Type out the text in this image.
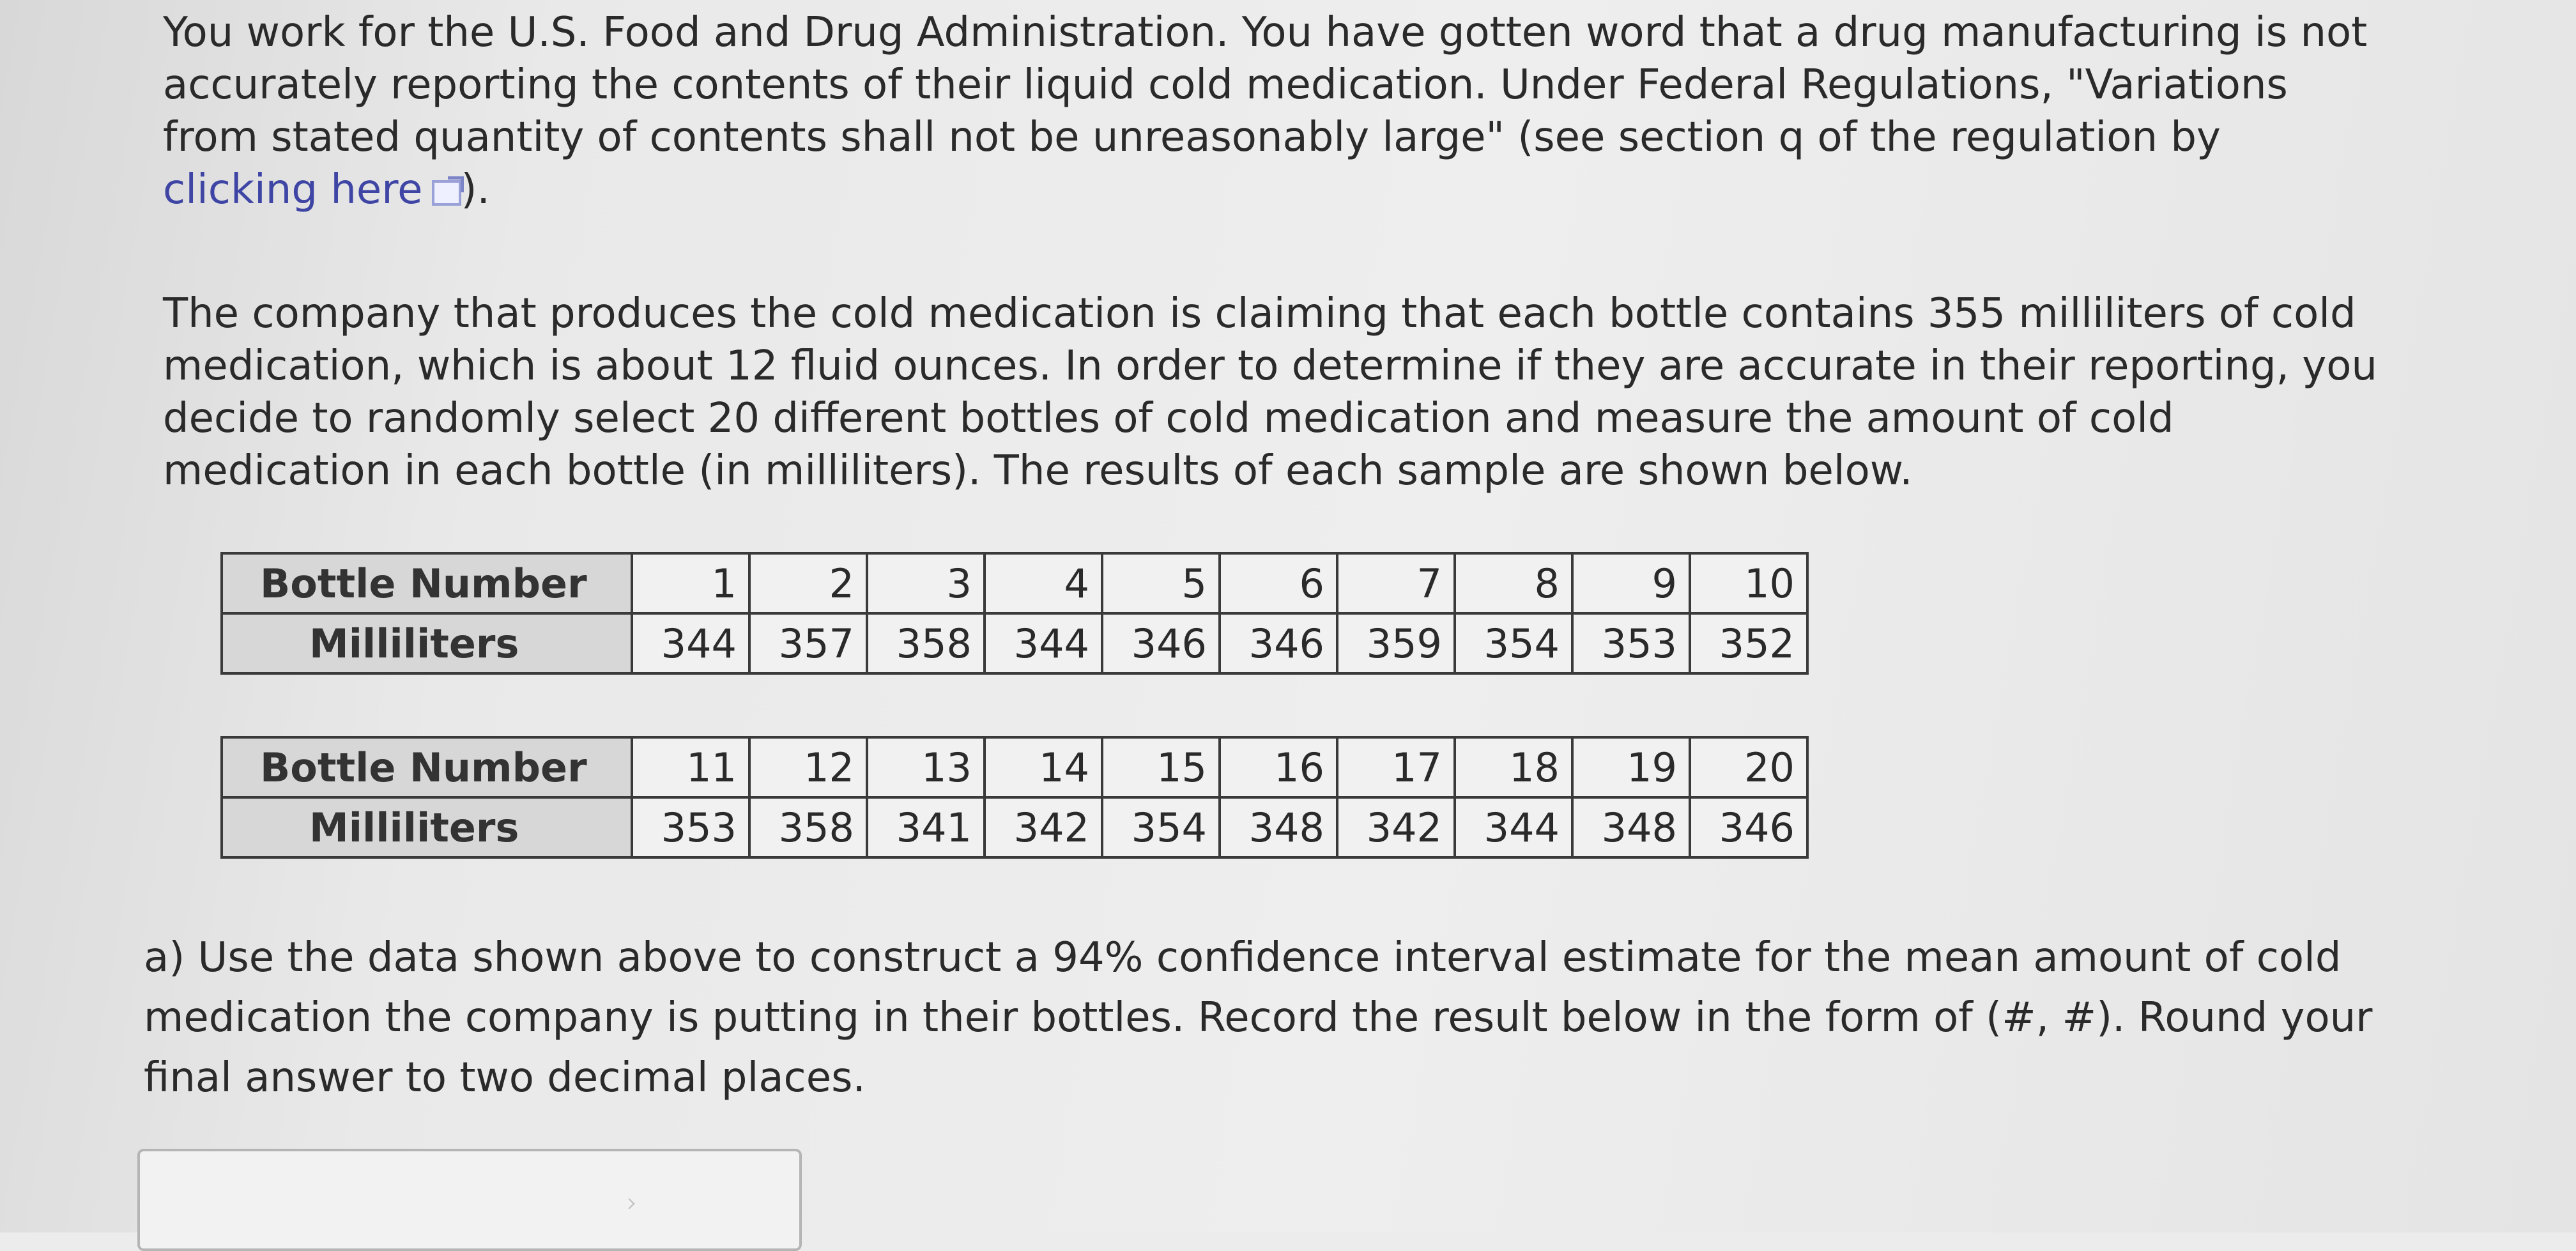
You work for the U.S. Food and Drug Administration. You have gotten word that a drug manufacturing is not accurately reporting the contents of their liquid cold medication. Under Federal Regulations, "Variations from stated quantity of contents shall not be unreasonably large" (see section q of the regulation by clicking here ).

The company that produces the cold medication is claiming that each bottle contains 355 milliliters of cold medication, which is about 12 fluid ounces. In order to determine if they are accurate in their reporting, you decide to randomly select 20 different bottles of cold medication and measure the amount of cold medication in each bottle (in milliliters). The results of each sample are shown below.

Bottle Number	1	2	3	4	5	6	7	8	9	10
Milliliters	344	357	358	344	346	346	359	354	353	352
Bottle Number	11	12	13	14	15	16	17	18	19	20
Milliliters	353	358	341	342	354	348	342	344	348	346

a) Use the data shown above to construct a 94% confidence interval estimate for the mean amount of cold medication the company is putting in their bottles. Record the result below in the form of (#, #). Round your final answer to two decimal places.
